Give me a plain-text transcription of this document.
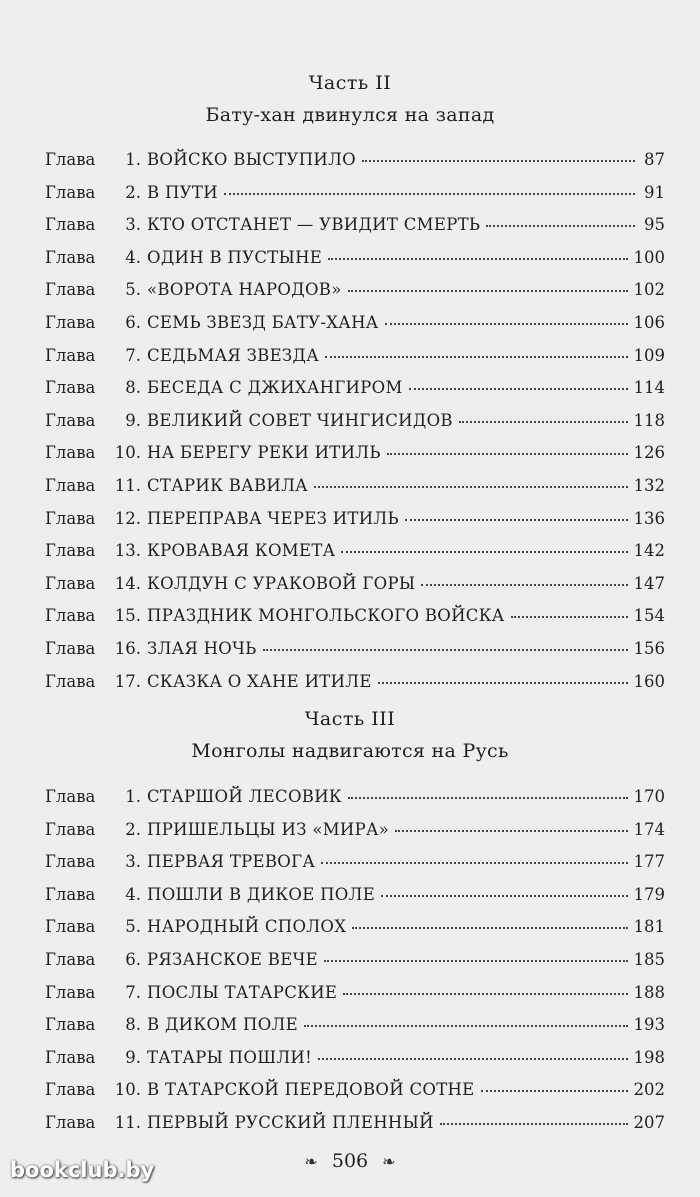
Часть II
Бату-хан двинулся на запад
Глава	1. ВОЙСКО ВЫСТУПИЛО	87
Глава	2. В ПУТИ	91
Глава	3. КТО ОТСТАНЕТ — УВИДИТ СМЕРТЬ	95
Глава	4. ОДИН В ПУСТЫНЕ	100
Глава	5. «ВОРОТА НАРОДОВ»	102
Глава	6. СЕМЬ ЗВЕЗД БАТУ-ХАНА	106
Глава	7. СЕДЬМАЯ ЗВЕЗДА	109
Глава	8. БЕСЕДА С ДЖИХАНГИРОМ	114
Глава	9. ВЕЛИКИЙ СОВЕТ ЧИНГИСИДОВ	118
Глава	10. НА БЕРЕГУ РЕКИ ИТИЛЬ	126
Глава	11. СТАРИК ВАВИЛА	132
Глава	12. ПЕРЕПРАВА ЧЕРЕЗ ИТИЛЬ	136
Глава	13. КРОВАВАЯ КОМЕТА	142
Глава	14. КОЛДУН С УРАКОВОЙ ГОРЫ	147
Глава	15. ПРАЗДНИК МОНГОЛЬСКОГО ВОЙСКА	154
Глава	16. ЗЛАЯ НОЧЬ	156
Глава	17. СКАЗКА О ХАНЕ ИТИЛЕ	160
Часть III
Монголы надвигаются на Русь
Глава	1. СТАРШОЙ ЛЕСОВИК	170
Глава	2. ПРИШЕЛЬЦЫ ИЗ «МИРА»	174
Глава	3. ПЕРВАЯ ТРЕВОГА	177
Глава	4. ПОШЛИ В ДИКОЕ ПОЛЕ	179
Глава	5. НАРОДНЫЙ СПОЛОХ	181
Глава	6. РЯЗАНСКОЕ ВЕЧЕ	185
Глава	7. ПОСЛЫ ТАТАРСКИЕ	188
Глава	8. В ДИКОМ ПОЛЕ	193
Глава	9. ТАТАРЫ ПОШЛИ!	198
Глава	10. В ТАТАРСКОЙ ПЕРЕДОВОЙ СОТНЕ	202
Глава	11. ПЕРВЫЙ РУССКИЙ ПЛЕННЫЙ	207
❧ 506 ❧
bookclub.by
